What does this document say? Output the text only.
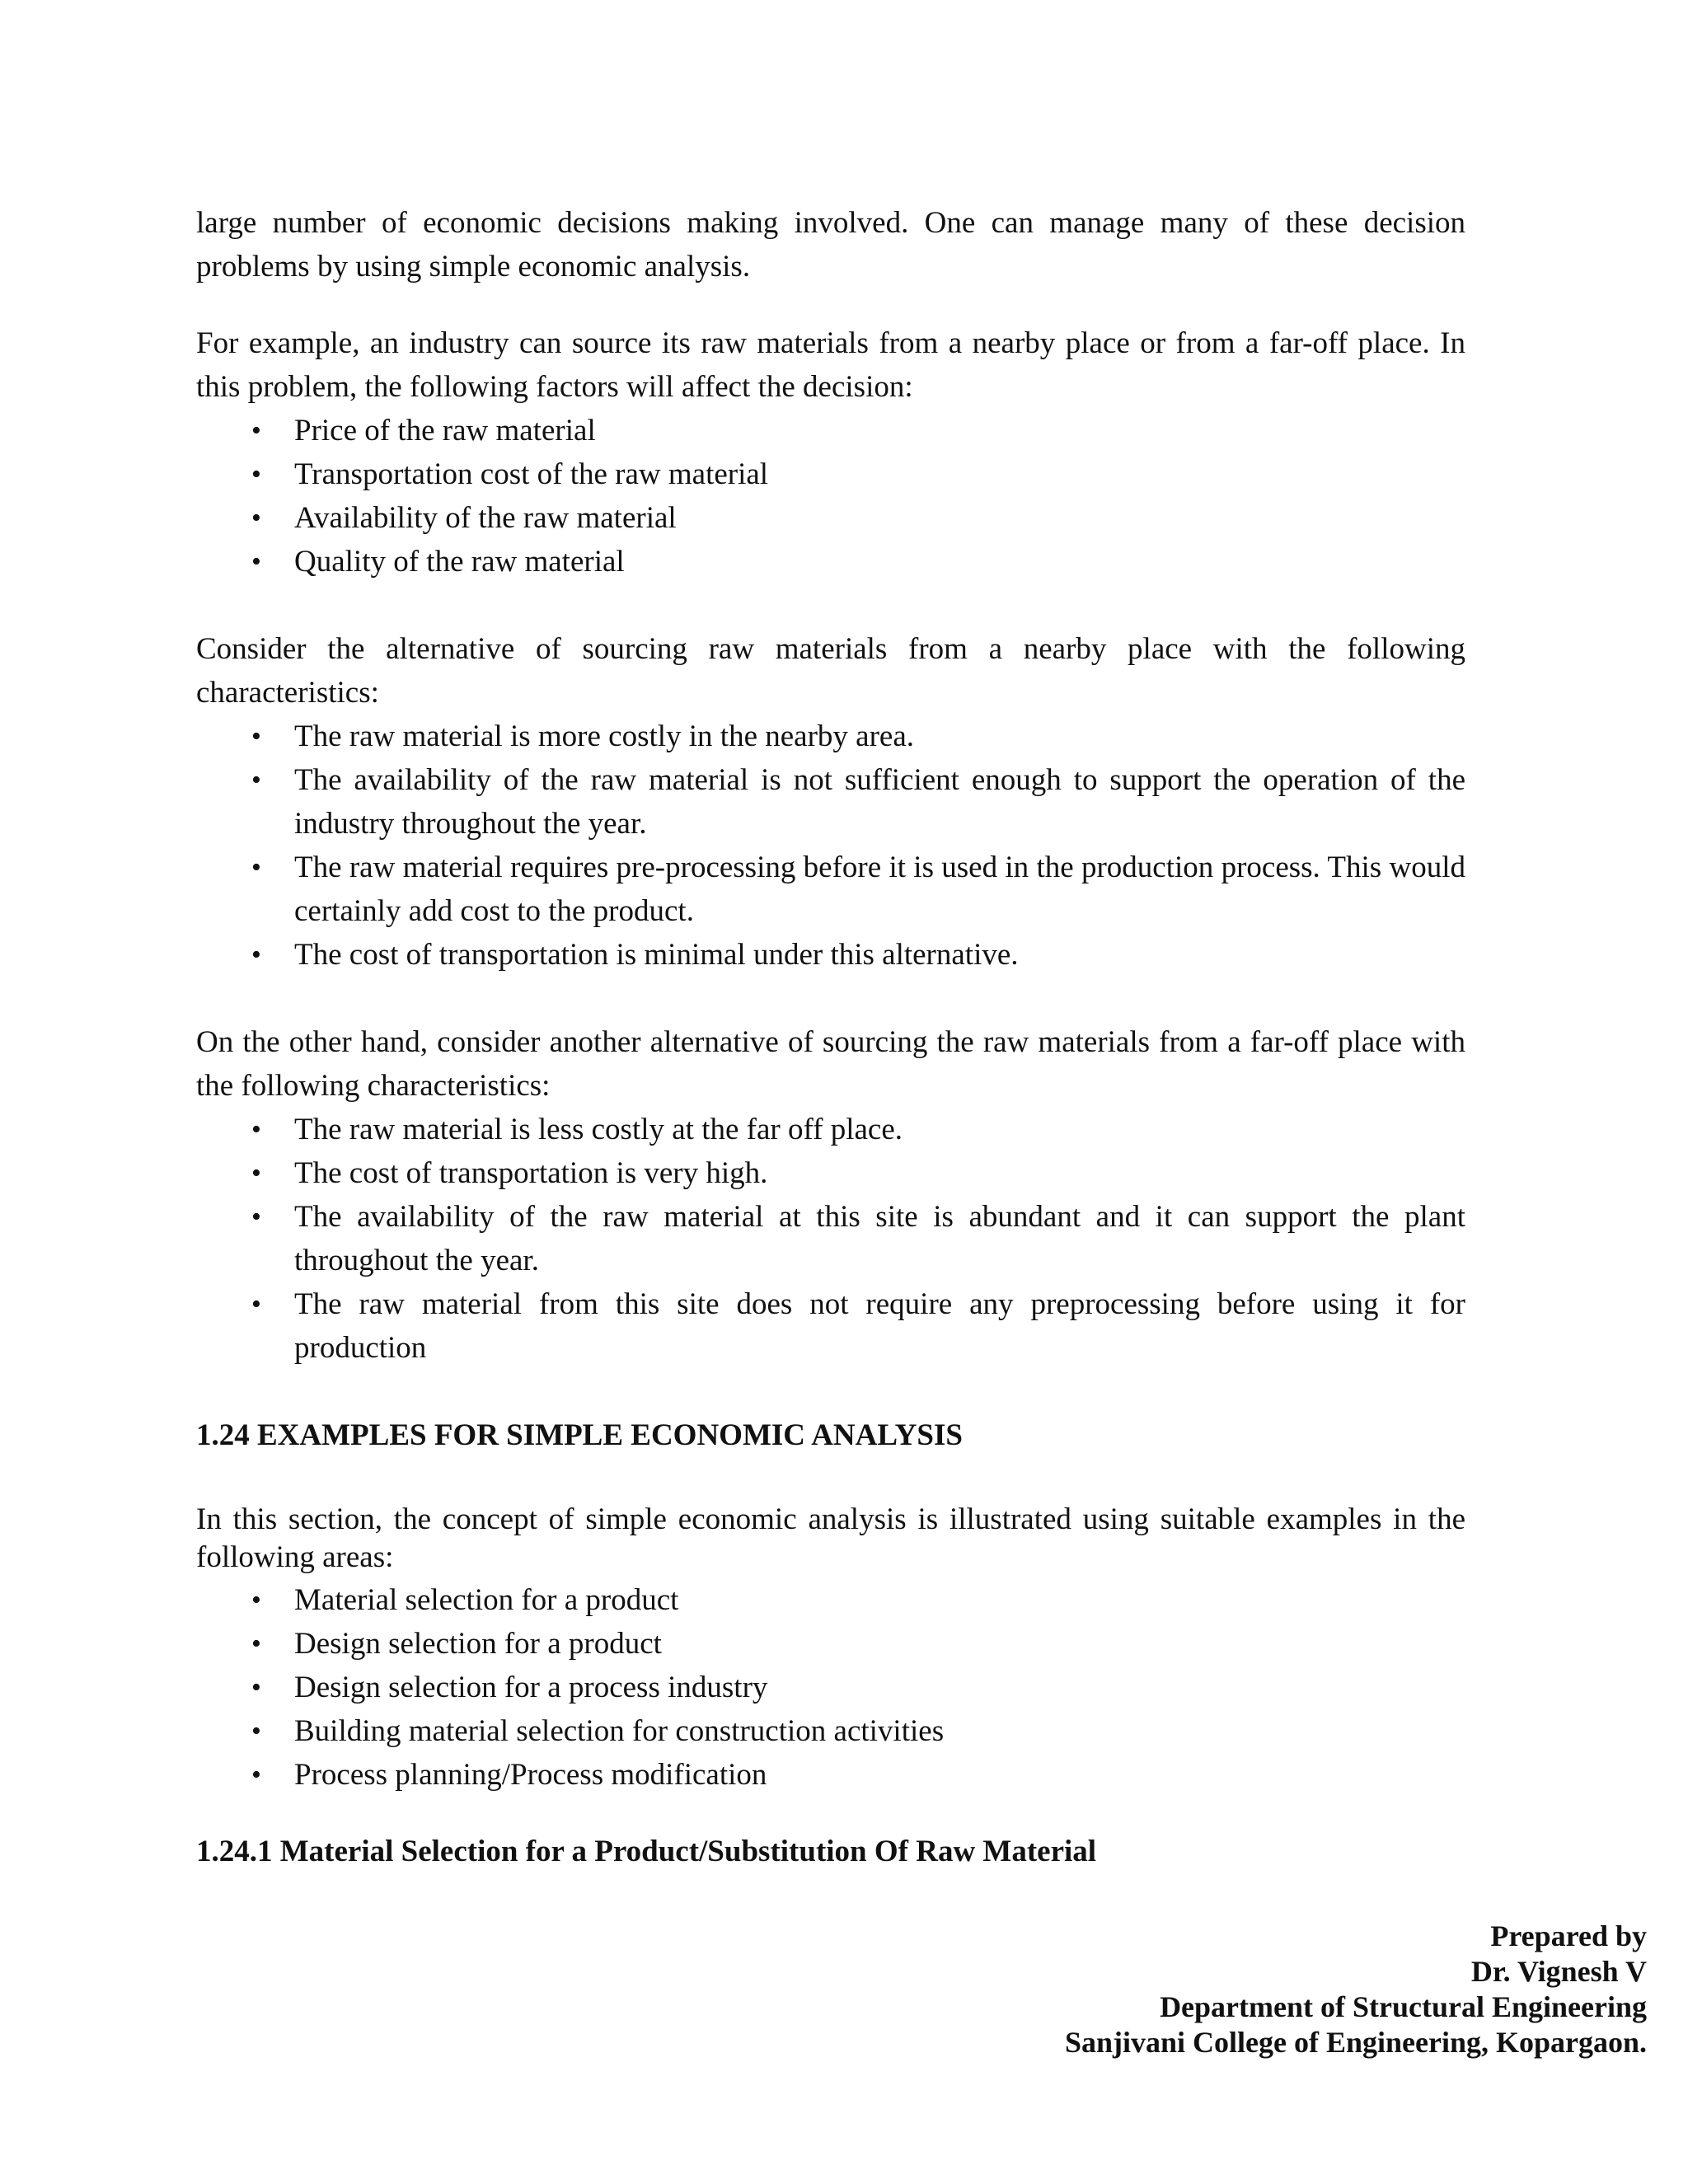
large number of economic decisions making involved. One can manage many of these decision problems by using simple economic analysis.

For example, an industry can source its raw materials from a nearby place or from a far-off place. In this problem, the following factors will affect the decision:

• Price of the raw material
• Transportation cost of the raw material
• Availability of the raw material
• Quality of the raw material

Consider the alternative of sourcing raw materials from a nearby place with the following characteristics:

• The raw material is more costly in the nearby area.
• The availability of the raw material is not sufficient enough to support the operation of the industry throughout the year.
• The raw material requires pre-processing before it is used in the production process. This would certainly add cost to the product.
• The cost of transportation is minimal under this alternative.

On the other hand, consider another alternative of sourcing the raw materials from a far-off place with the following characteristics:

• The raw material is less costly at the far off place.
• The cost of transportation is very high.
• The availability of the raw material at this site is abundant and it can support the plant throughout the year.
• The raw material from this site does not require any preprocessing before using it for production

1.24 EXAMPLES FOR SIMPLE ECONOMIC ANALYSIS

In this section, the concept of simple economic analysis is illustrated using suitable examples in the following areas:

• Material selection for a product
• Design selection for a product
• Design selection for a process industry
• Building material selection for construction activities
• Process planning/Process modification

1.24.1 Material Selection for a Product/Substitution Of Raw Material

Prepared by
Dr. Vignesh V
Department of Structural Engineering
Sanjivani College of Engineering, Kopargaon.
